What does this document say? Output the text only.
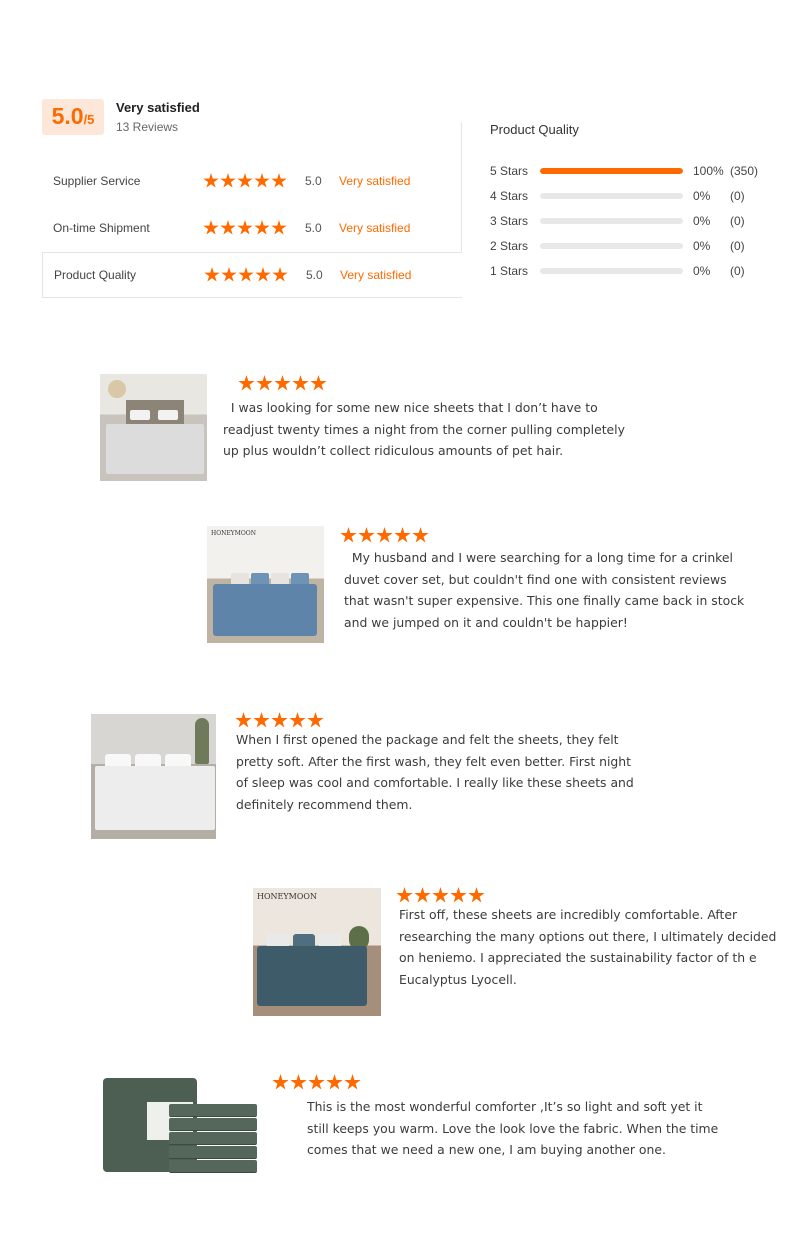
5.0 /5
Very satisfied
13 Reviews
Supplier Service	5.0 Very satisfied
On-time Shipment	5.0 Very satisfied
Product Quality	5.0 Very satisfied
Product Quality
5 Stars	100% (350)
4 Stars	0%	(0)
3 Stars	0%	(0)
2 Stars	0%	(0)
1 Stars	0%	(0)
I was looking for some new nice sheets that I don’t have to
readjust twenty times a night from the corner pulling completely
up plus wouldn’t collect ridiculous amounts of pet hair.
HONEYMOON
My husband and I were searching for a long time for a crinkel
duvet cover set, but couldn't find one with consistent reviews
that wasn't super expensive. This one finally came back in stock
and we jumped on it and couldn't be happier!
When I first opened the package and felt the sheets, they felt
pretty soft. After the first wash, they felt even better. First night
of sleep was cool and comfortable. I really like these sheets and
definitely recommend them.
HONEYMOON
First off, these sheets are incredibly comfortable. After
researching the many options out there, I ultimately decided
on heniemo. I appreciated the sustainability factor of th e
Eucalyptus Lyocell.
This is the most wonderful comforter ,It’s so light and soft yet it
still keeps you warm. Love the look love the fabric. When the time
comes that we need a new one, I am buying another one.
